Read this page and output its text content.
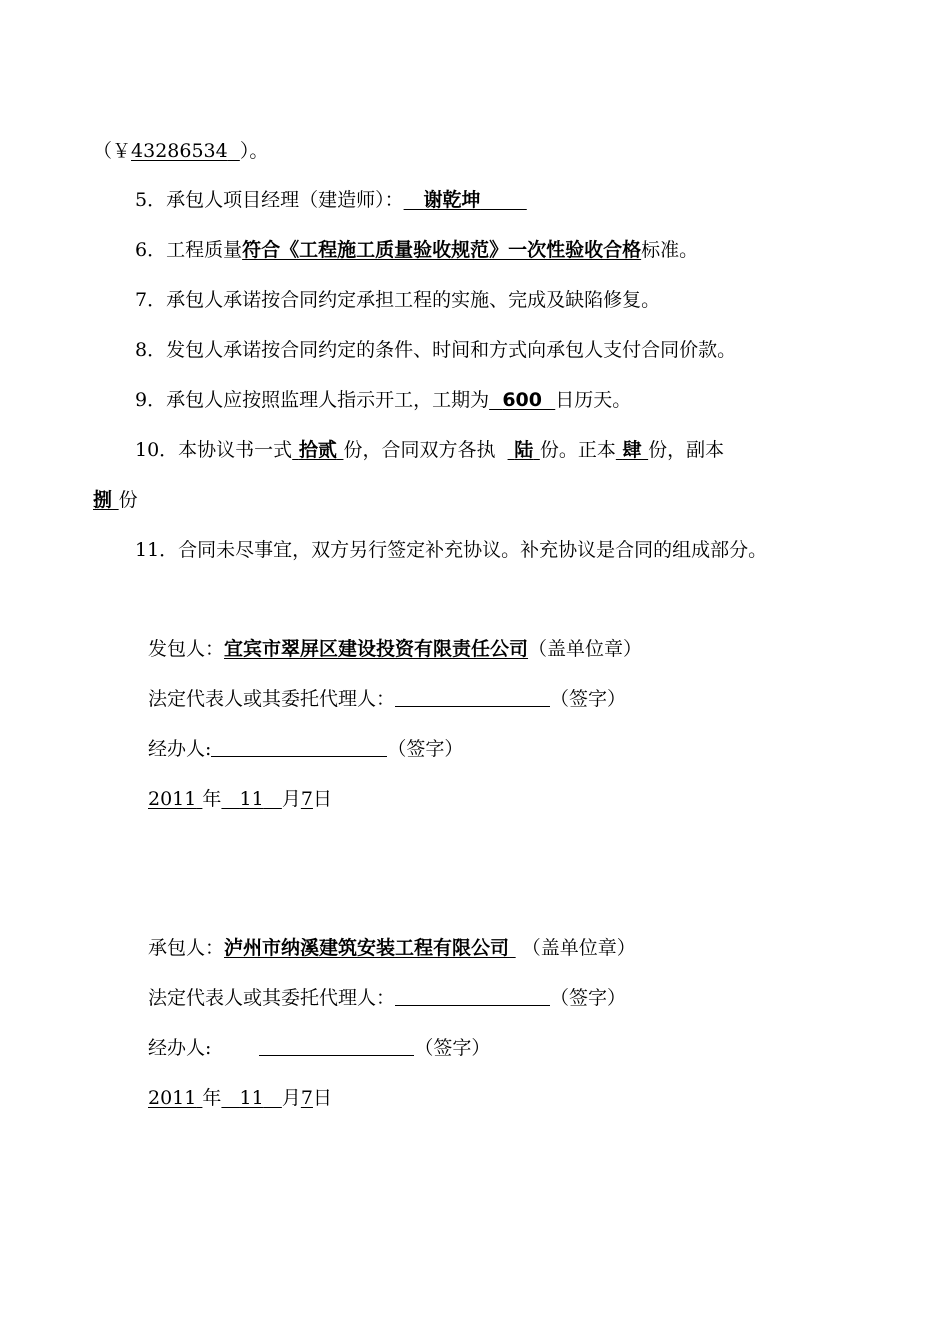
（￥43286534 ）。
5．承包人项目经理（建造师）： 谢乾坤
6．工程质量符合《工程施工质量验收规范》一次性验收合格标准。
7．承包人承诺按合同约定承担工程的实施、完成及缺陷修复。
8．发包人承诺按合同约定的条件、时间和方式向承包人支付合同价款。
9．承包人应按照监理人指示开工，工期为 600 日历天。
10．本协议书一式 拾贰 份，合同双方各执 陆 份。正本 肆 份，副本
捌 份
11．合同未尽事宜，双方另行签定补充协议。补充协议是合同的组成部分。
发包人：宜宾市翠屏区建设投资有限责任公司（盖单位章）
法定代表人或其委托代理人：	（签字）
经办人:	（签字）
2011 年 11 月7日
承包人：泸州市纳溪建筑安装工程有限公司 （盖单位章）
法定代表人或其委托代理人：	（签字）
经办人:	（签字）
2011 年 11 月7日
